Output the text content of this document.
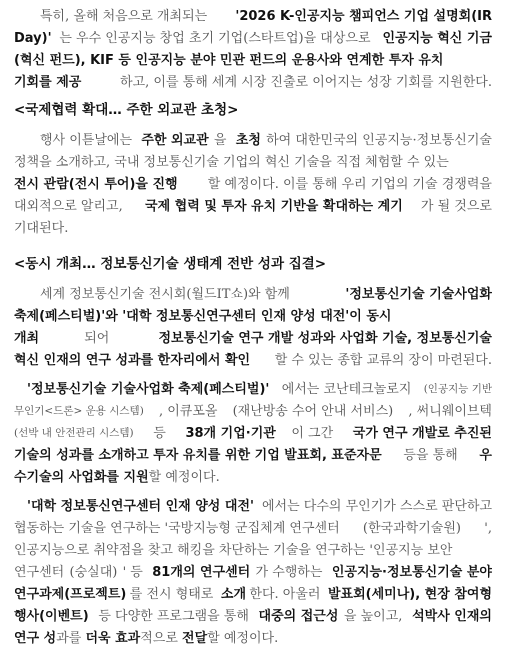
<국제협력 확대… 주한 외교관 초청>
<동시 개최… 정보통신기술 생태계 전반 성과 집결>
　　특히, 올해 처음으로 개최되는 '2026 K-인공지능 챔피언스 기업 설명회(IR
Day)' 는 우수 인공지능 창업 초기 기업(스타트업)을 대상으로 인공지능 혁신 기금
(혁신 펀드), KIF 등 인공지능 분야 민관 펀드의 운용사와 연계한 투자 유치
기회를 제공	하고, 이를 통해 세계 시장 진출로 이어지는 성장 기회를 지원한다.
　　행사 이튿날에는 주한 외교관 을 초청 하여 대한민국의 인공지능·정보통신기술
정책을 소개하고, 국내 정보통신기술 기업의 혁신 기술을 직접 체험할 수 있는
전시 관람(전시 투어)을 진행 할 예정이다. 이를 통해 우리 기업의 기술 경쟁력을
대외적으로 알리고, 국제 협력 및 투자 유치 기반을 확대하는 계기 가 될 것으로
기대된다.
　　세계 정보통신기술 전시회(월드IT쇼)와 함께	'정보통신기술 기술사업화
축제(페스티벌)'와 '대학 정보통신연구센터 인재 양성 대전'이 동시
개최	되어	정보통신기술 연구 개발 성과와 사업화 기술, 정보통신기술
혁신 인재의 연구 성과를 한자리에서 확인 할 수 있는 종합 교류의 장이 마련된다.
　'정보통신기술 기술사업화 축제(페스티벌)' 에서는 코난테크놀로지 (인공지능 기반
무인기<드론> 운용 시스템) , 이큐포올 (재난방송 수어 안내 서비스) , 써니웨이브텍
(선박 내 안전관리 시스템) 등 38개 기업·기관 이 그간 국가 연구 개발로 추진된
기술의 성과를 소개하고 투자 유치를 위한 기업 발표회, 표준자문 등을 통해 우
수기술의 사업화를 지원 할 예정이다.
　'대학 정보통신연구센터 인재 양성 대전' 에서는 다수의 무인기가 스스로 판단하고
협동하는 기술을 연구하는 '국방지능형 군집체계 연구센터 (한국과학기술원) ',
인공지능으로 취약점을 찾고 해킹을 차단하는 기술을 연구하는 '인공지능 보안
연구센터 (숭실대) ' 등 81개의 연구센터 가 수행하는 인공지능·정보통신기술 분야
연구과제(프로젝트) 를 전시 형태로 소개 한다. 아울러 발표회(세미나), 현장 참여형
행사(이벤트) 등 다양한 프로그램을 통해 대중의 접근성 을 높이고, 석박사 인재의
연구 성 과를 더욱 효과 적으로 전달 할 예정이다.
